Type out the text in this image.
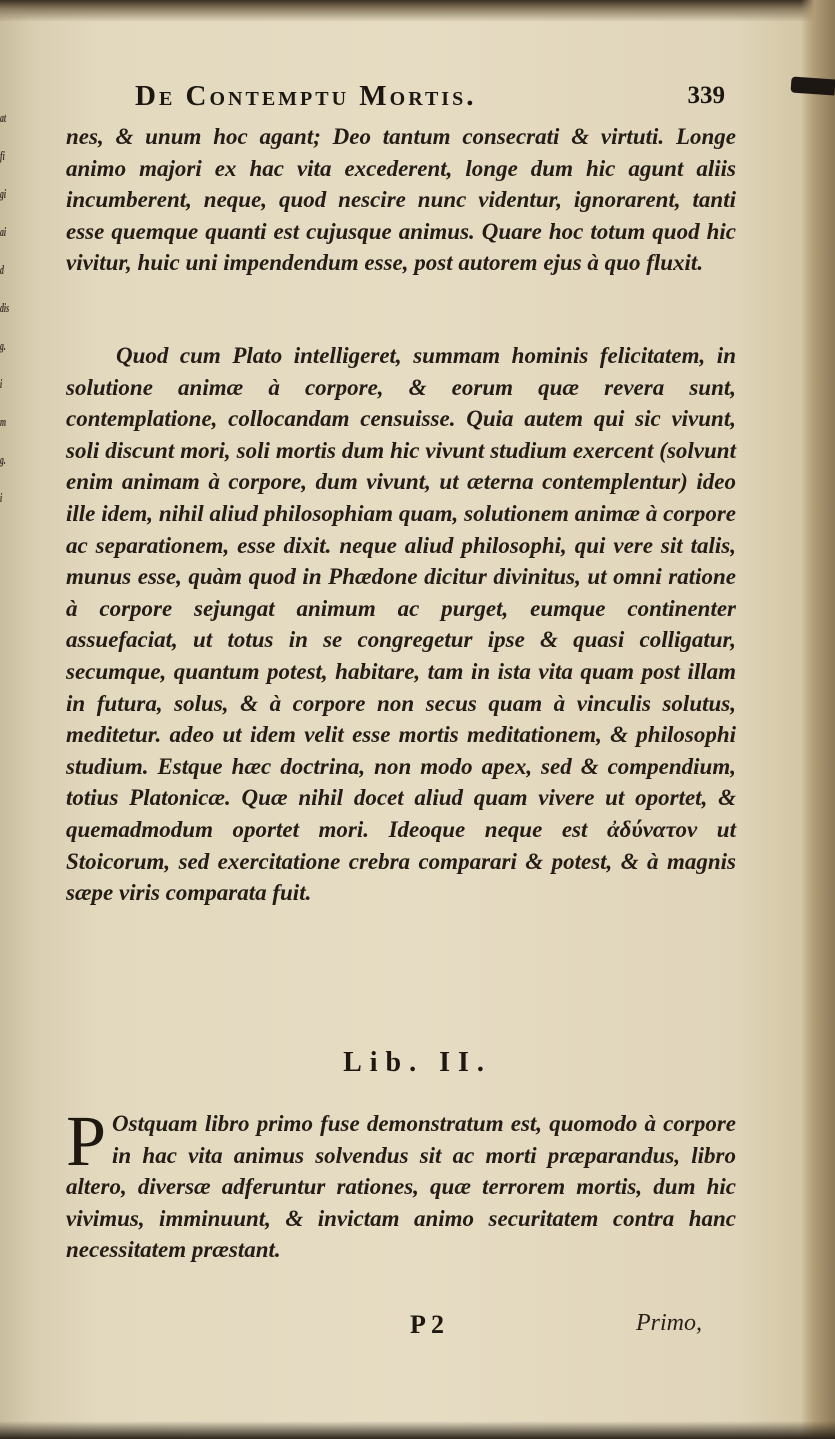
at
fi
gi
ai
d
dis
g.
i
m
g.
i
De Contemptu Mortis.	339

nes, & unum hoc agant; Deo tantum consecrati & virtuti. Longe animo majori ex hac vita excederent, longe dum hic agunt aliis incumberent, neque, quod nescire nunc videntur, ignorarent, tanti esse quemque quanti est cujusque animus. Quare hoc totum quod hic vivitur, huic uni impendendum esse, post autorem ejus à quo fluxit.

Quod cum Plato intelligeret, summam hominis felicitatem, in solutione animæ à corpore, & eorum quæ revera sunt, contemplatione, collocandam censuisse. Quia autem qui sic vivunt, soli discunt mori, soli mortis dum hic vivunt studium exercent (solvunt enim animam à corpore, dum vivunt, ut æterna contemplentur) ideo ille idem, nihil aliud philosophiam quam, solutionem animæ à corpore ac separationem, esse dixit. neque aliud philosophi, qui vere sit talis, munus esse, quàm quod in Phædone dicitur divinitus, ut omni ratione à corpore sejungat animum ac purget, eumque continenter assuefaciat, ut totus in se congregetur ipse & quasi colligatur, secumque, quantum potest, habitare, tam in ista vita quam post illam in futura, solus, & à corpore non secus quam à vinculis solutus, meditetur. adeo ut idem velit esse mortis meditationem, & philosophi studium. Estque hæc doctrina, non modo apex, sed & compendium, totius Platonicæ. Quæ nihil docet aliud quam vivere ut oportet, & quemadmodum oportet mori. Ideoque neque est ἀδύνατον ut Stoicorum, sed exercitatione crebra comparari & potest, & à magnis sæpe viris comparata fuit.

Lib. II.
P Ostquam libro primo fuse demonstratum est, quomodo à corpore in hac vita animus solvendus sit ac morti præparandus, libro altero, diversæ adferuntur rationes, quæ terrorem mortis, dum hic vivimus, imminuunt, & invictam animo securitatem contra hanc necessitatem præstant.

P 2	Primo,
